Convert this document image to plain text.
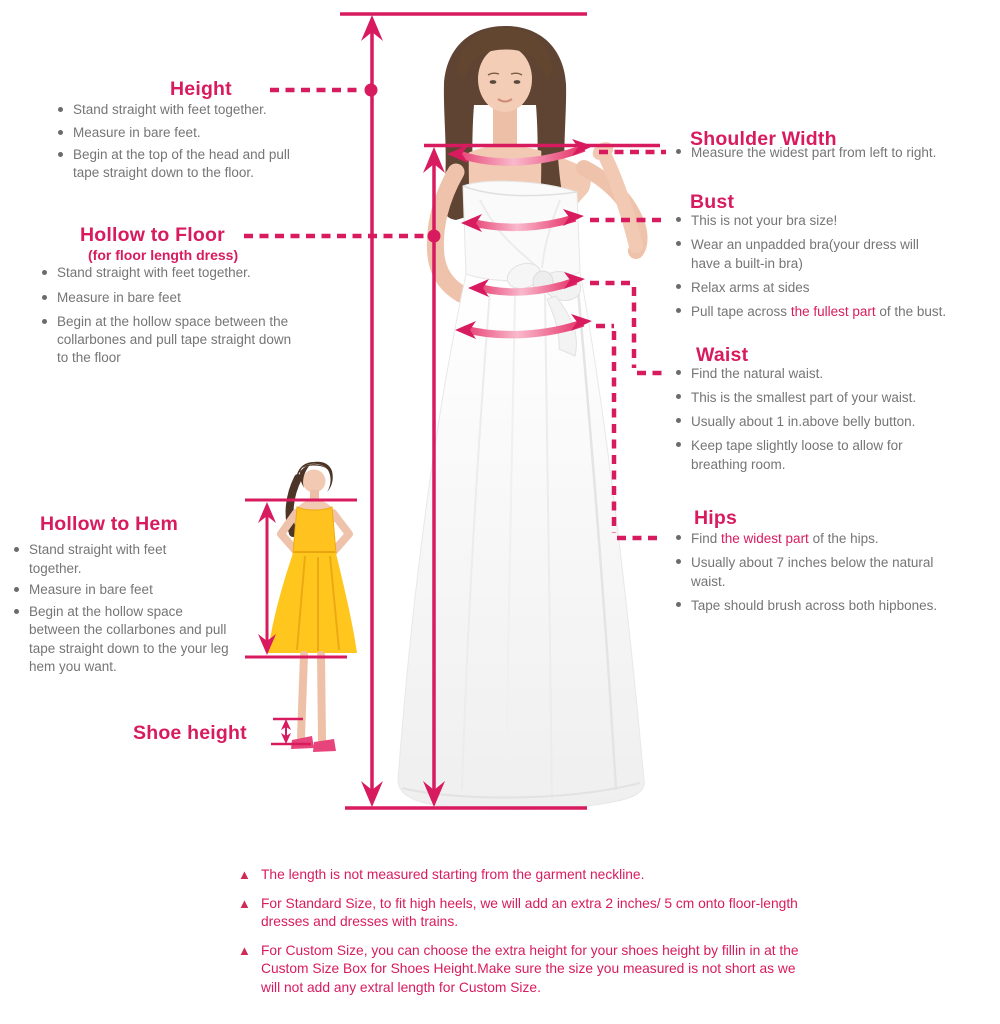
Height
Stand straight with feet together.
Measure in bare feet.
Begin at the top of the head and pull tape straight down to the floor.
Hollow to Floor
(for floor length dress)
Stand straight with feet together.
Measure in bare feet
Begin at the hollow space between the collarbones and pull tape straight down to the floor
Hollow to Hem
Stand straight with feet together.
Measure in bare feet
Begin at the hollow space between the collarbones and pull tape straight down to the your leg hem you want.
Shoe height
Shoulder Width
Measure the widest part from left to right.
Bust
This is not your bra size!
Wear an unpadded bra(your dress will have a built-in bra)
Relax arms at sides
Pull tape across the fullest part of the bust.
Waist
Find the natural waist.
This is the smallest part of your waist.
Usually about 1 in.above belly button.
Keep tape slightly loose to allow for breathing room.
Hips
Find the widest part of the hips.
Usually about 7 inches below the natural waist.
Tape should brush across both hipbones.
▲ The length is not measured starting from the garment neckline.
▲ For Standard Size, to fit high heels, we will add an extra 2 inches/ 5 cm onto floor-length dresses and dresses with trains.
▲ For Custom Size, you can choose the extra height for your shoes height by fillin in at the Custom Size Box for Shoes Height.Make sure the size you measured is not short as we will not add any extral length for Custom Size.
